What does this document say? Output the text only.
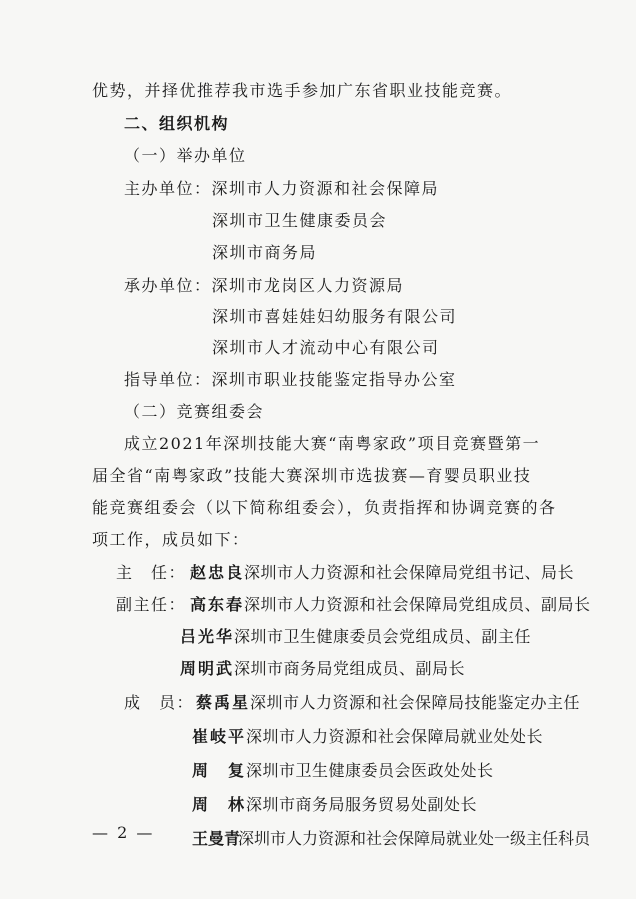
优势，并择优推荐我市选手参加广东省职业技能竞赛。
二、组织机构
（一）举办单位
主办单位：深圳市人力资源和社会保障局
深圳市卫生健康委员会
深圳市商务局
承办单位：深圳市龙岗区人力资源局
深圳市喜娃娃妇幼服务有限公司
深圳市人才流动中心有限公司
指导单位：深圳市职业技能鉴定指导办公室
（二）竞赛组委会
成立2021年深圳技能大赛“南粤家政”项目竞赛暨第一
届全省“南粤家政”技能大赛深圳市选拔赛—育婴员职业技
能竞赛组委会（以下简称组委会），负责指挥和协调竞赛的各
项工作，成员如下：
主　任： 赵忠良深圳市人力资源和社会保障局党组书记、局长
副主任： 高东春深圳市人力资源和社会保障局党组成员、副局长
吕光华深圳市卫生健康委员会党组成员、副主任
周明武深圳市商务局党组成员、副局长
成　员： 蔡禹星深圳市人力资源和社会保障局技能鉴定办主任
崔岐平深圳市人力资源和社会保障局就业处处长
周　复深圳市卫生健康委员会医政处处长
周　林深圳市商务局服务贸易处副处长
王曼青深圳市人力资源和社会保障局就业处一级主任科员
— 2 —
